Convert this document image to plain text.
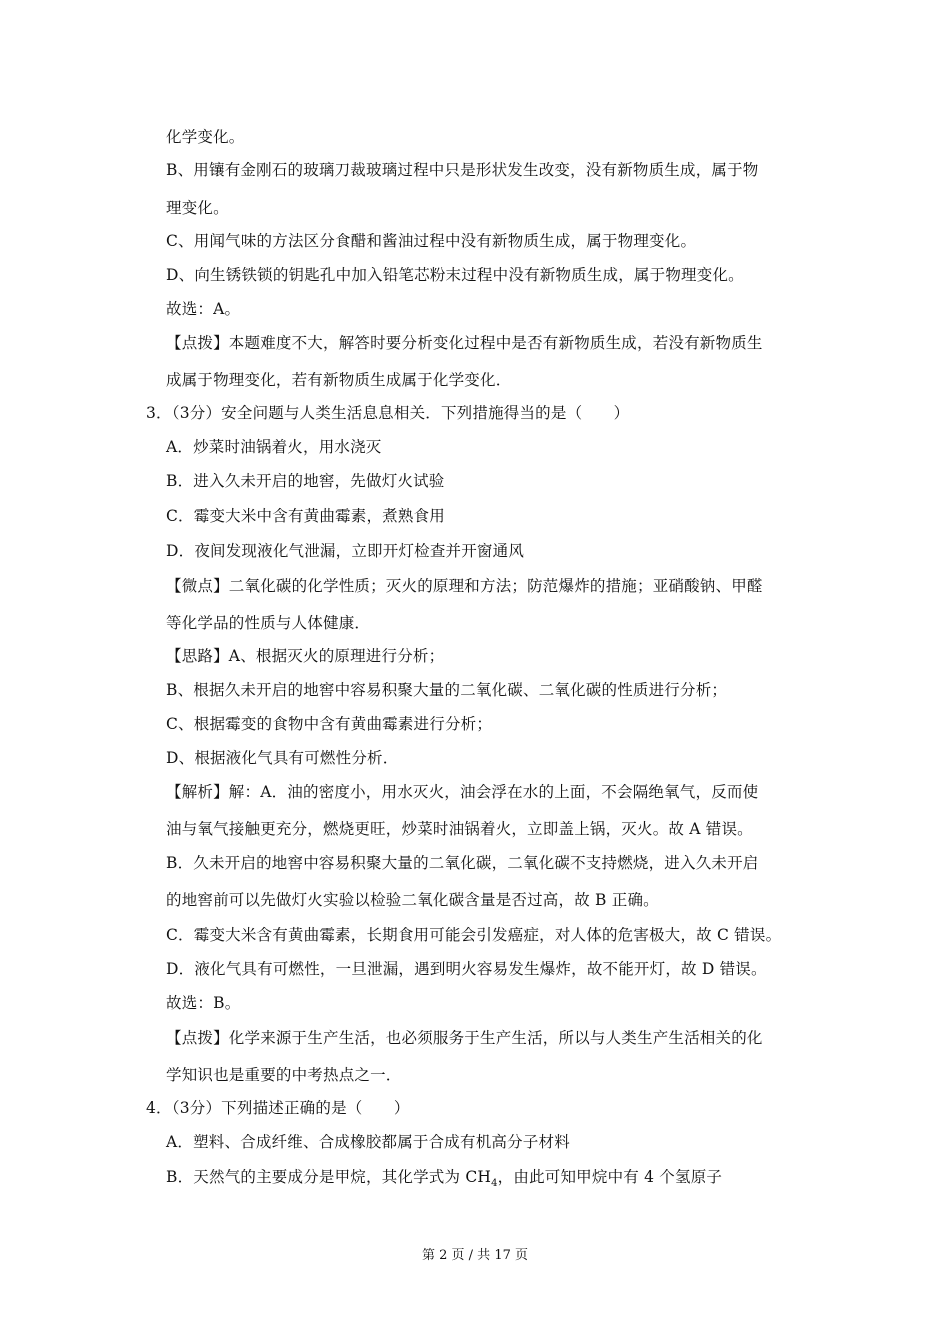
化学变化。
B、用镶有金刚石的玻璃刀裁玻璃过程中只是形状发生改变，没有新物质生成，属于物
理变化。
C、用闻气味的方法区分食醋和酱油过程中没有新物质生成，属于物理变化。
D、向生锈铁锁的钥匙孔中加入铅笔芯粉末过程中没有新物质生成，属于物理变化。
故选：A。
【点拨】本题难度不大，解答时要分析变化过程中是否有新物质生成，若没有新物质生
成属于物理变化，若有新物质生成属于化学变化．
3．（3分）安全问题与人类生活息息相关．下列措施得当的是（　　）
A．炒菜时油锅着火，用水浇灭
B．进入久未开启的地窖，先做灯火试验
C．霉变大米中含有黄曲霉素，煮熟食用
D．夜间发现液化气泄漏，立即开灯检查并开窗通风
【微点】二氧化碳的化学性质；灭火的原理和方法；防范爆炸的措施；亚硝酸钠、甲醛
等化学品的性质与人体健康．
【思路】A、根据灭火的原理进行分析；
B、根据久未开启的地窖中容易积聚大量的二氧化碳、二氧化碳的性质进行分析；
C、根据霉变的食物中含有黄曲霉素进行分析；
D、根据液化气具有可燃性分析．
【解析】解：A．油的密度小，用水灭火，油会浮在水的上面，不会隔绝氧气，反而使
油与氧气接触更充分，燃烧更旺，炒菜时油锅着火，立即盖上锅，灭火。故 A 错误。
B．久未开启的地窖中容易积聚大量的二氧化碳，二氧化碳不支持燃烧，进入久未开启
的地窖前可以先做灯火实验以检验二氧化碳含量是否过高，故 B 正确。
C．霉变大米含有黄曲霉素，长期食用可能会引发癌症，对人体的危害极大，故 C 错误。
D．液化气具有可燃性，一旦泄漏，遇到明火容易发生爆炸，故不能开灯，故 D 错误。
故选：B。
【点拨】化学来源于生产生活，也必须服务于生产生活，所以与人类生产生活相关的化
学知识也是重要的中考热点之一．
4．（3分）下列描述正确的是（　　）
A．塑料、合成纤维、合成橡胶都属于合成有机高分子材料
B．天然气的主要成分是甲烷，其化学式为 $CH_4$，由此可知甲烷中有 4 个氢原子
第 2 页 / 共 17 页
